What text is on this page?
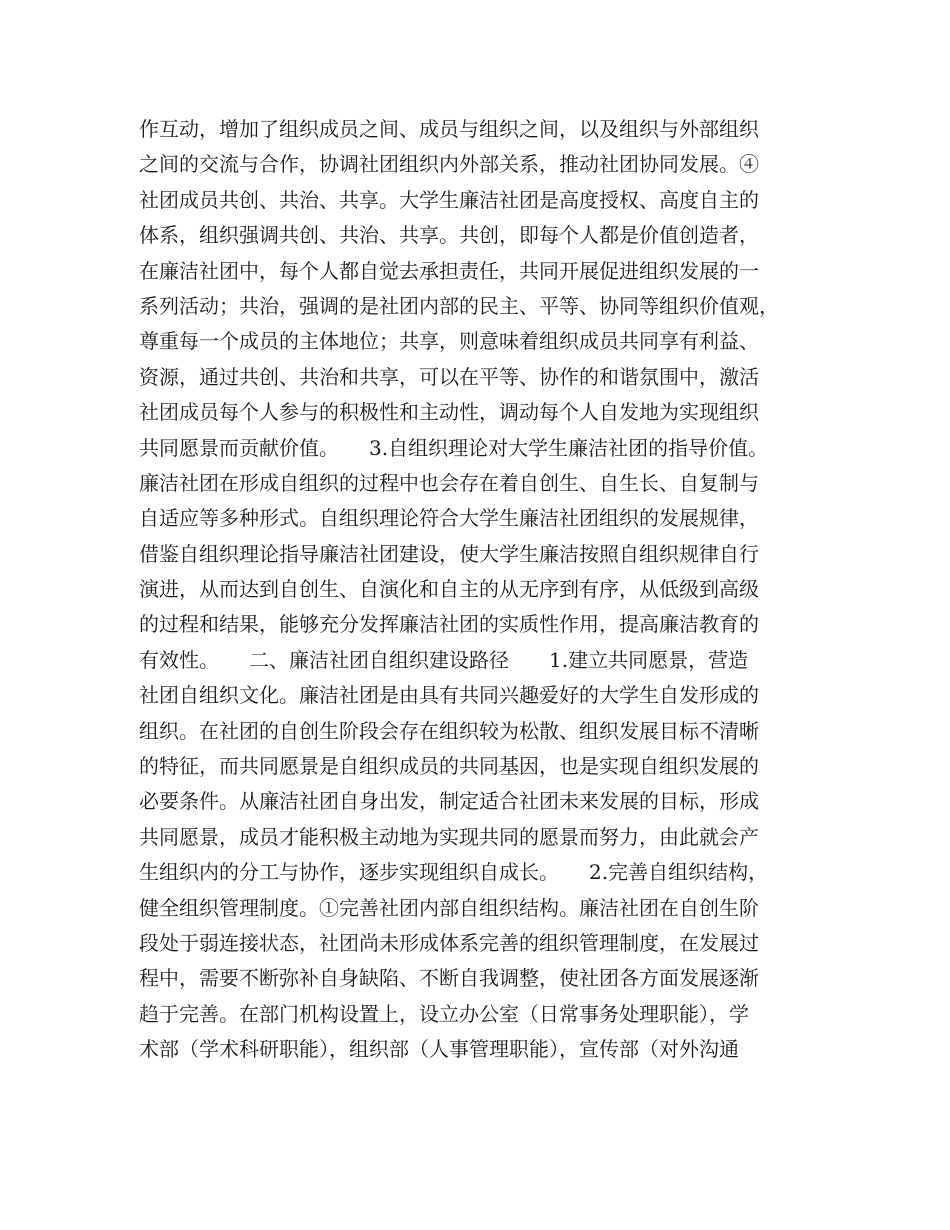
作互动，增加了组织成员之间、成员与组织之间，以及组织与外部组织
之间的交流与合作，协调社团组织内外部关系，推动社团协同发展。④
社团成员共创、共治、共享。大学生廉洁社团是高度授权、高度自主的
体系，组织强调共创、共治、共享。共创，即每个人都是价值创造者，
在廉洁社团中，每个人都自觉去承担责任，共同开展促进组织发展的一
系列活动；共治，强调的是社团内部的民主、平等、协同等组织价值观，
尊重每一个成员的主体地位；共享，则意味着组织成员共同享有利益、
资源，通过共创、共治和共享，可以在平等、协作的和谐氛围中，激活
社团成员每个人参与的积极性和主动性，调动每个人自发地为实现组织
共同愿景而贡献价值。　　3.自组织理论对大学生廉洁社团的指导价值。
廉洁社团在形成自组织的过程中也会存在着自创生、自生长、自复制与
自适应等多种形式。自组织理论符合大学生廉洁社团组织的发展规律，
借鉴自组织理论指导廉洁社团建设，使大学生廉洁按照自组织规律自行
演进，从而达到自创生、自演化和自主的从无序到有序，从低级到高级
的过程和结果，能够充分发挥廉洁社团的实质性作用，提高廉洁教育的
有效性。　　二、廉洁社团自组织建设路径　　1.建立共同愿景，营造
社团自组织文化。廉洁社团是由具有共同兴趣爱好的大学生自发形成的
组织。在社团的自创生阶段会存在组织较为松散、组织发展目标不清晰
的特征，而共同愿景是自组织成员的共同基因，也是实现自组织发展的
必要条件。从廉洁社团自身出发，制定适合社团未来发展的目标，形成
共同愿景，成员才能积极主动地为实现共同的愿景而努力，由此就会产
生组织内的分工与协作，逐步实现组织自成长。　　2.完善自组织结构，
健全组织管理制度。①完善社团内部自组织结构。廉洁社团在自创生阶
段处于弱连接状态，社团尚未形成体系完善的组织管理制度，在发展过
程中，需要不断弥补自身缺陷、不断自我调整，使社团各方面发展逐渐
趋于完善。在部门机构设置上，设立办公室（日常事务处理职能），学
术部（学术科研职能），组织部（人事管理职能），宣传部（对外沟通
